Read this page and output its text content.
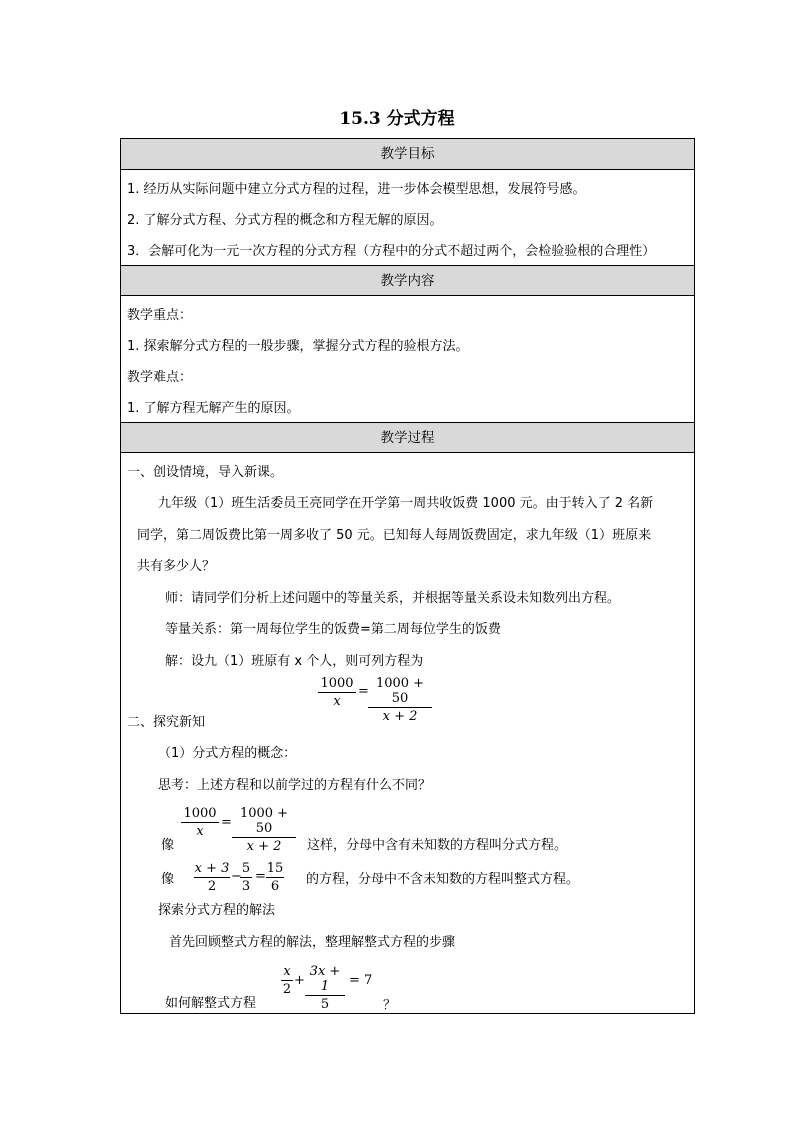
15.3 分式方程
教学目标
1. 经历从实际问题中建立分式方程的过程，进一步体会模型思想，发展符号感。
2. 了解分式方程、分式方程的概念和方程无解的原因。
3．会解可化为一元一次方程的分式方程（方程中的分式不超过两个，会检验验根的合理性）
教学内容
教学重点：
1. 探索解分式方程的一般步骤，掌握分式方程的验根方法。
教学难点：
1. 了解方程无解产生的原因。
教学过程
一、创设情境，导入新课。
九年级（1）班生活委员王亮同学在开学第一周共收饭费 1000 元。由于转入了 2 名新
同学，第二周饭费比第一周多收了 50 元。已知每人每周饭费固定，求九年级（1）班原来
共有多少人？
师：请同学们分析上述问题中的等量关系，并根据等量关系设未知数列出方程。
等量关系：第一周每位学生的饭费=第二周每位学生的饭费
解：设九（1）班原有 x 个人，则可列方程为
1000
x
=
1000 + 50
x + 2
二、探究新知
（1）分式方程的概念：
思考：上述方程和以前学过的方程有什么不同？
像
1000
x
=
1000 + 50
x + 2	这样，分母中含有未知数的方程叫分式方程。
像
x + 3
2
−
5
3
=
15
6	的方程，分母中不含未知数的方程叫整式方程。
探索分式方程的解法
首先回顾整式方程的解法，整理解整式方程的步骤
如何解整式方程
x
2
+
3x + 1
5
= 7
？
